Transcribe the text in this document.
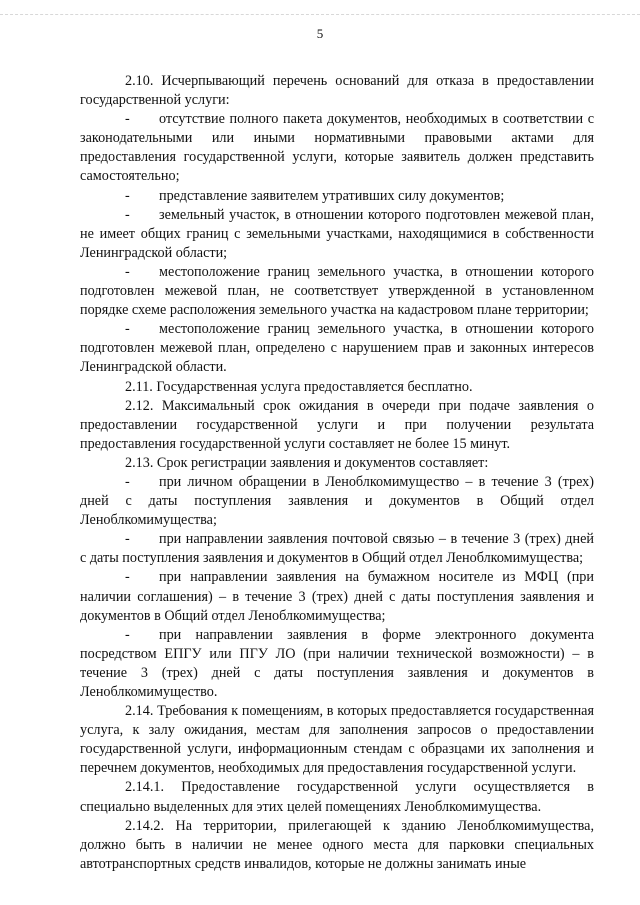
5

2.10. Исчерпывающий перечень оснований для отказа в предоставлении государственной услуги:

- отсутствие полного пакета документов, необходимых в соответствии с законодательными или иными нормативными правовыми актами для предоставления государственной услуги, которые заявитель должен представить самостоятельно;

- представление заявителем утративших силу документов;

- земельный участок, в отношении которого подготовлен межевой план, не имеет общих границ с земельными участками, находящимися в собственности Ленинградской области;

- местоположение границ земельного участка, в отношении которого подготовлен межевой план, не соответствует утвержденной в установленном порядке схеме расположения земельного участка на кадастровом плане территории;

- местоположение границ земельного участка, в отношении которого подготовлен межевой план, определено с нарушением прав и законных интересов Ленинградской области.

2.11. Государственная услуга предоставляется бесплатно.

2.12. Максимальный срок ожидания в очереди при подаче заявления о предоставлении государственной услуги и при получении результата предоставления государственной услуги составляет не более 15 минут.

2.13. Срок регистрации заявления и документов составляет:

- при личном обращении в Леноблкомимущество – в течение 3 (трех) дней с даты поступления заявления и документов в Общий отдел Леноблкомимущества;

- при направлении заявления почтовой связью – в течение 3 (трех) дней с даты поступления заявления и документов в Общий отдел Леноблкомимущества;

- при направлении заявления на бумажном носителе из МФЦ (при наличии соглашения) – в течение 3 (трех) дней с даты поступления заявления и документов в Общий отдел Леноблкомимущества;

- при направлении заявления в форме электронного документа посредством ЕПГУ или ПГУ ЛО (при наличии технической возможности) – в течение 3 (трех) дней с даты поступления заявления и документов в Леноблкомимущество.

2.14. Требования к помещениям, в которых предоставляется государственная услуга, к залу ожидания, местам для заполнения запросов о предоставлении государственной услуги, информационным стендам с образцами их заполнения и перечнем документов, необходимых для предоставления государственной услуги.

2.14.1. Предоставление государственной услуги осуществляется в специально выделенных для этих целей помещениях Леноблкомимущества.

2.14.2. На территории, прилегающей к зданию Леноблкомимущества, должно быть в наличии не менее одного места для парковки специальных автотранспортных средств инвалидов, которые не должны занимать иные
